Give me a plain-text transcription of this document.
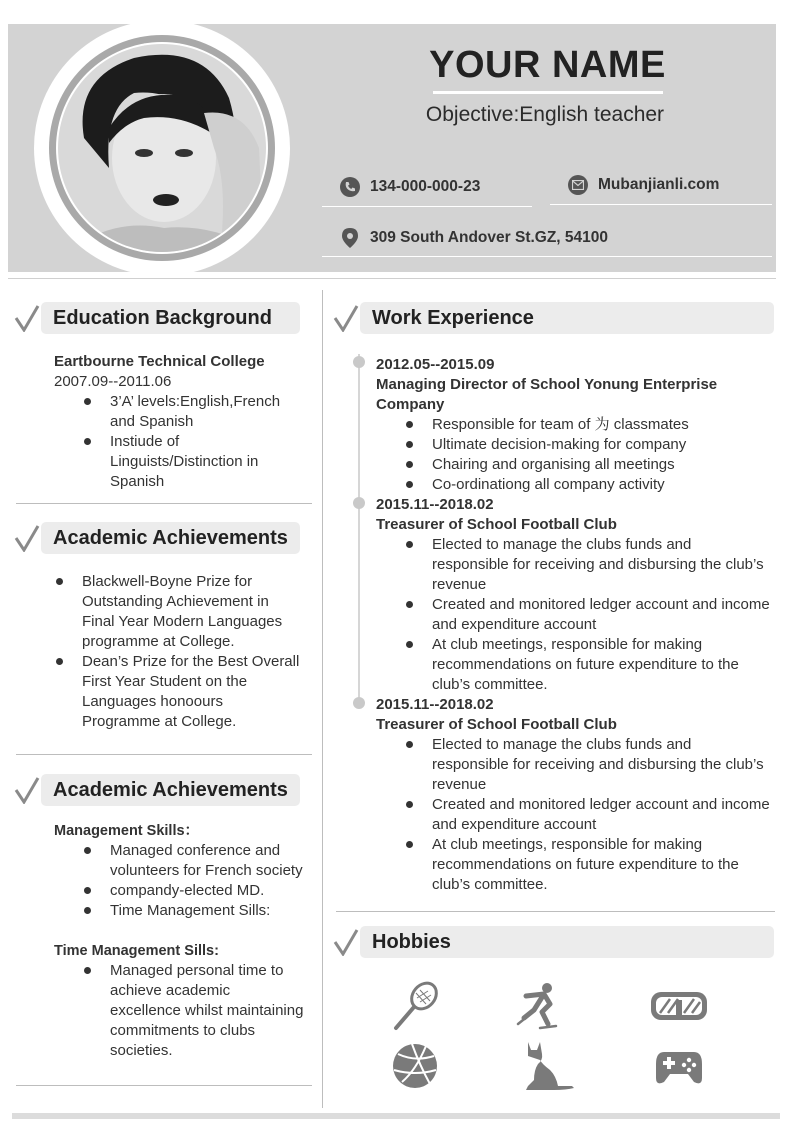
YOUR NAME
Objective:English teacher
134-000-000-23	Mubanjianli.com
309 South Andover St.GZ, 54100
Education Background
Eartbourne Technical College
2007.09--2011.06
3’A’ levels:English,French and Spanish
Instiude of Linguists/Distinction in Spanish
Academic Achievements
Blackwell-Boyne Prize for Outstanding Achievement in Final Year Modern Languages programme at College.
Dean’s Prize for the Best Overall First Year Student on the Languages honoours Programme at College.
Academic Achievements
Management Skills：
Managed conference and volunteers for French society
compandy-elected MD.
Time Management Sills:
Time Management Sills:
Managed personal time to achieve academic excellence whilst maintaining commitments to clubs societies.
Work Experience
2012.05--2015.09
Managing Director of School Yonung Enterprise Company
Responsible for team of 为 classmates
Ultimate decision-making for company
Chairing and organising all meetings
Co-ordinationg all company activity
2015.11--2018.02
Treasurer of School Football Club
Elected to manage the clubs funds and responsible for receiving and disbursing the club’s revenue
Created and monitored ledger account and income and expenditure account
At club meetings, responsible for making recommendations on future expenditure to the club’s committee.
2015.11--2018.02
Treasurer of School Football Club
Elected to manage the clubs funds and responsible for receiving and disbursing the club’s revenue
Created and monitored ledger account and income and expenditure account
At club meetings, responsible for making recommendations on future expenditure to the club’s committee.
Hobbies
